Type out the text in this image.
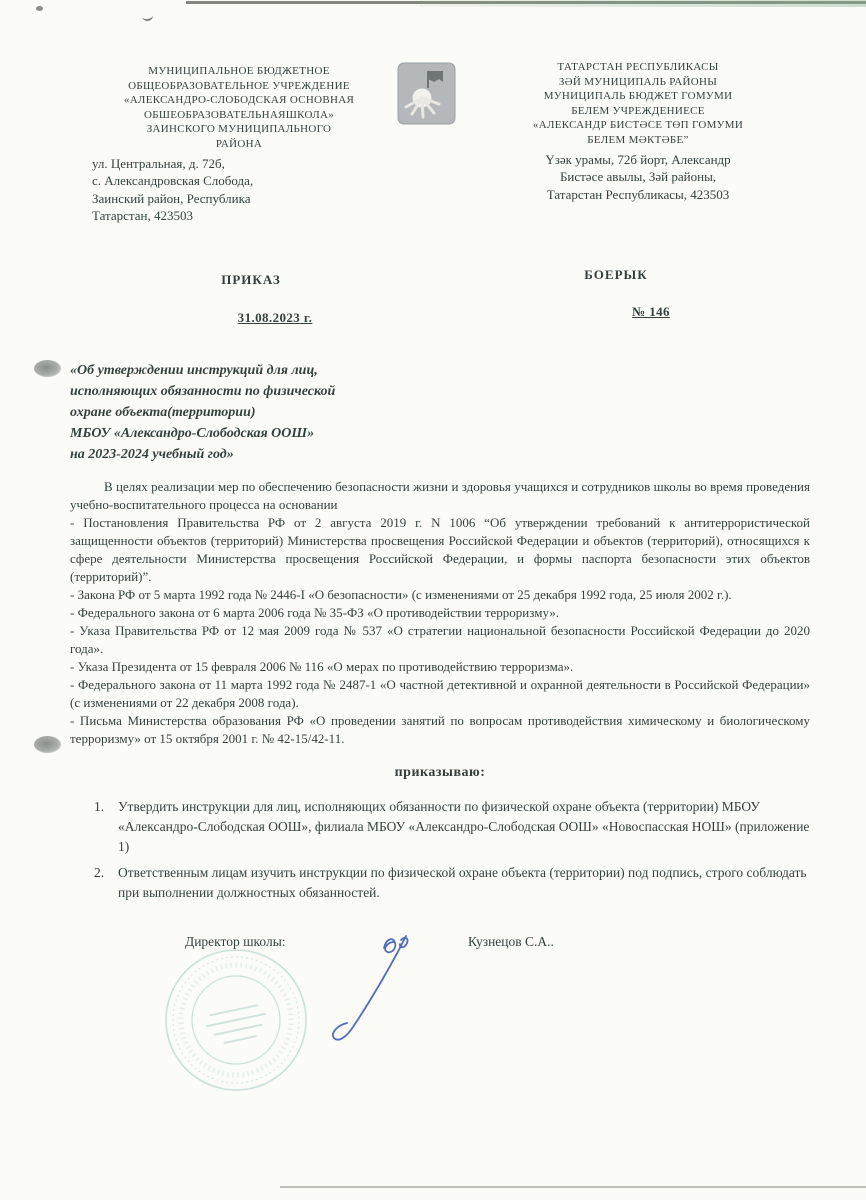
МУНИЦИПАЛЬНОЕ БЮДЖЕТНОЕ
ОБЩЕОБРАЗОВАТЕЛЬНОЕ УЧРЕЖДЕНИЕ
«АЛЕКСАНДРО-СЛОБОДСКАЯ ОСНОВНАЯ
ОБШЕОБРАЗОВАТЕЛЬНАЯШКОЛА»
ЗАИНСКОГО МУНИЦИПАЛЬНОГО
РАЙОНА
ул. Центральная, д. 72б,
с. Александровская Слобода,
Заинский район, Республика
Татарстан, 423503
ТАТАРСТАН РЕСПУБЛИКАСЫ
ЗӘЙ МУНИЦИПАЛЬ РАЙОНЫ
МУНИЦИПАЛЬ БЮДЖЕТ ГОМУМИ
БЕЛЕМ УЧРЕЖДЕНИЕСЕ
«АЛЕКСАНДР БИСТӘСЕ ТӨП ГОМУМИ
БЕЛЕМ МӘКТӘБЕ”
Үзәк урамы, 72б йорт, Александр
Бистәсе авылы, Зәй районы,
Татарстан Республикасы, 423503
ПРИКАЗ	БОЕРЫК
31.08.2023 г.	№ 146
«Об утверждении инструкций для лиц,
исполняющих обязанности по физической
охране объекта(территории)
МБОУ «Александро-Слободская ООШ»
на 2023-2024 учебный год»
В целях реализации мер по обеспечению безопасности жизни и здоровья учащихся и сотрудников школы во время проведения учебно-воспитательного процесса на основании
- Постановления Правительства РФ от 2 августа 2019 г. N 1006 “Об утверждении требований к антитеррористической защищенности объектов (территорий) Министерства просвещения Российской Федерации и объектов (территорий), относящихся к сфере деятельности Министерства просвещения Российской Федерации, и формы паспорта безопасности этих объектов (территорий)”.
- Закона РФ от 5 марта 1992 года № 2446-I «О безопасности» (с изменениями от 25 декабря 1992 года, 25 июля 2002 г.).
- Федерального закона от 6 марта 2006 года № 35-ФЗ «О противодействии терроризму».
- Указа Правительства РФ от 12 мая 2009 года № 537 «О стратегии национальной безопасности Российской Федерации до 2020 года».
- Указа Президента от 15 февраля 2006 № 116 «О мерах по противодействию терроризма».
- Федерального закона от 11 марта 1992 года № 2487-1 «О частной детективной и охранной деятельности в Российской Федерации» (с изменениями от 22 декабря 2008 года).
- Письма Министерства образования РФ «О проведении занятий по вопросам противодействия химическому и биологическому терроризму» от 15 октября 2001 г. № 42-15/42-11.
приказываю:
1.	Утвердить инструкции для лиц, исполняющих обязанности по физической охране объекта (территории) МБОУ «Александро-Слободская ООШ», филиала МБОУ «Александро-Слободская ООШ» «Новоспасская НОШ» (приложение 1)
2.	Ответственным лицам изучить инструкции по физической охране объекта (территории) под подпись, строго соблюдать при выполнении должностных обязанностей.
Директор школы:	Кузнецов С.А..
